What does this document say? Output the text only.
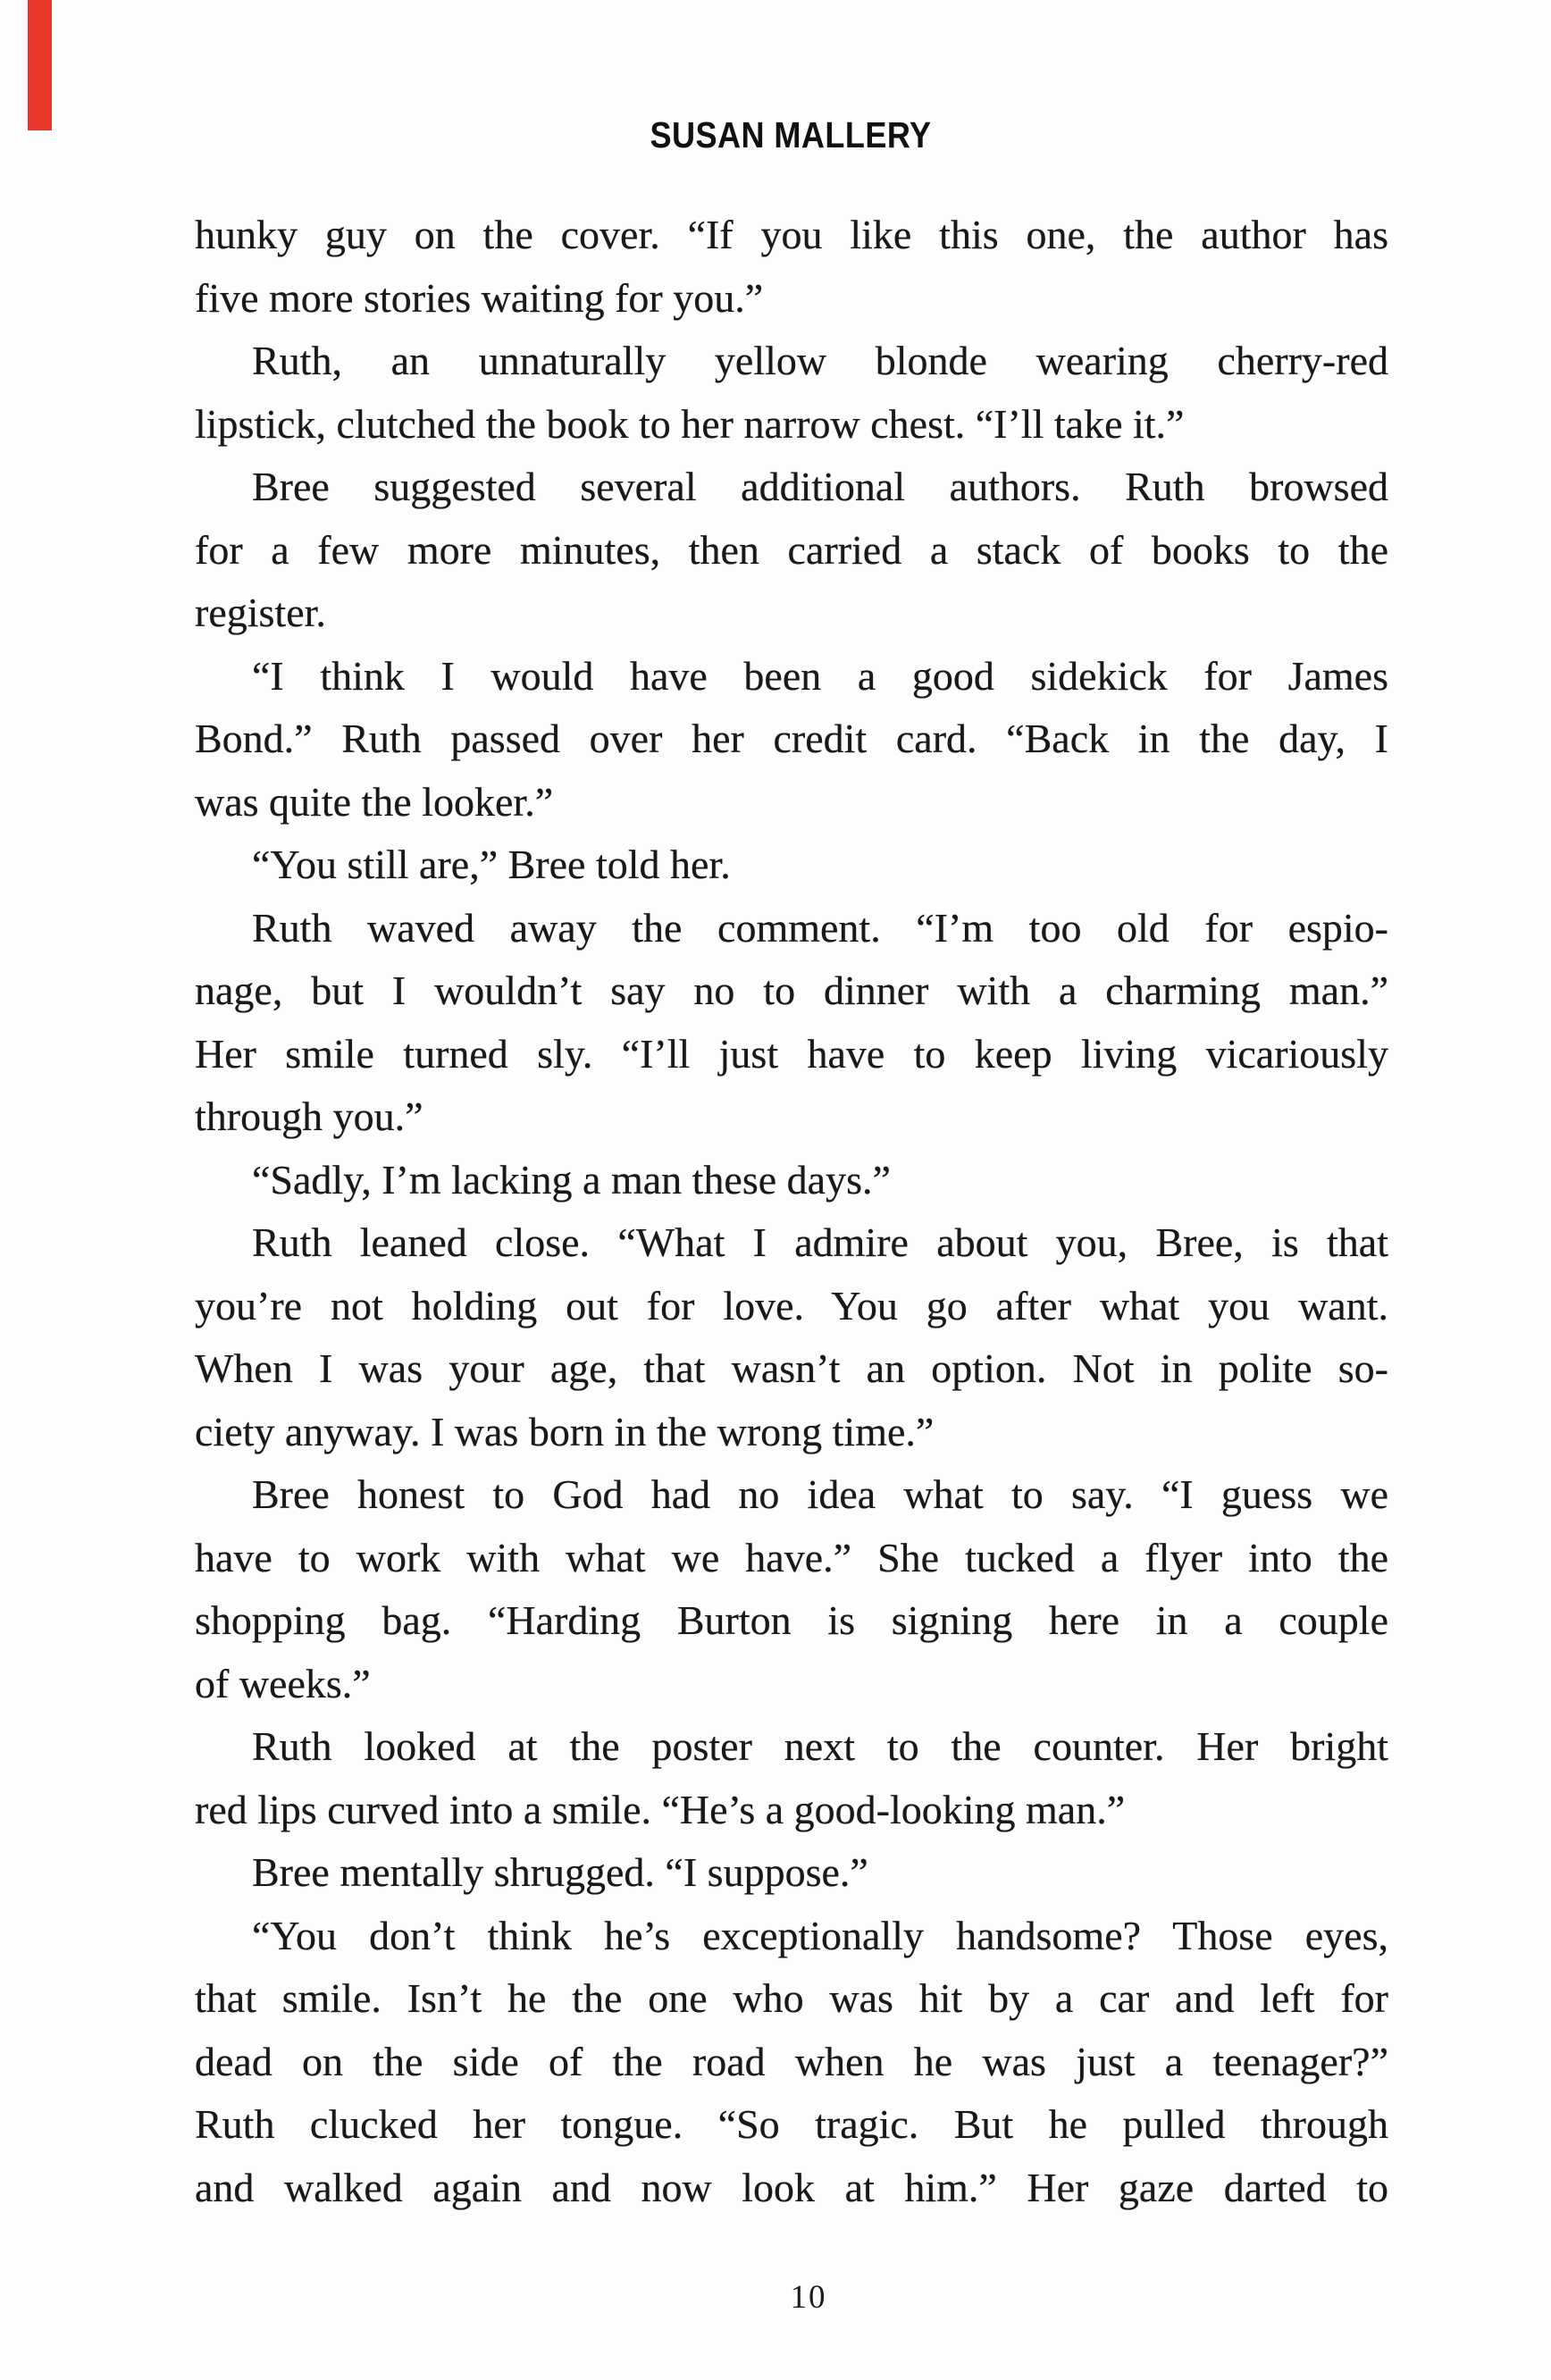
SUSAN MALLERY
hunky guy on the cover. “If you like this one, the author has
five more stories waiting for you.”
Ruth, an unnaturally yellow blonde wearing cherry-red
lipstick, clutched the book to her narrow chest. “I’ll take it.”
Bree suggested several additional authors. Ruth browsed
for a few more minutes, then carried a stack of books to the
register.
“I think I would have been a good sidekick for James
Bond.” Ruth passed over her credit card. “Back in the day, I
was quite the looker.”
“You still are,” Bree told her.
Ruth waved away the comment. “I’m too old for espio-
nage, but I wouldn’t say no to dinner with a charming man.”
Her smile turned sly. “I’ll just have to keep living vicariously
through you.”
“Sadly, I’m lacking a man these days.”
Ruth leaned close. “What I admire about you, Bree, is that
you’re not holding out for love. You go after what you want.
When I was your age, that wasn’t an option. Not in polite so-
ciety anyway. I was born in the wrong time.”
Bree honest to God had no idea what to say. “I guess we
have to work with what we have.” She tucked a flyer into the
shopping bag. “Harding Burton is signing here in a couple
of weeks.”
Ruth looked at the poster next to the counter. Her bright
red lips curved into a smile. “He’s a good-looking man.”
Bree mentally shrugged. “I suppose.”
“You don’t think he’s exceptionally handsome? Those eyes,
that smile. Isn’t he the one who was hit by a car and left for
dead on the side of the road when he was just a teenager?”
Ruth clucked her tongue. “So tragic. But he pulled through
and walked again and now look at him.” Her gaze darted to
10
